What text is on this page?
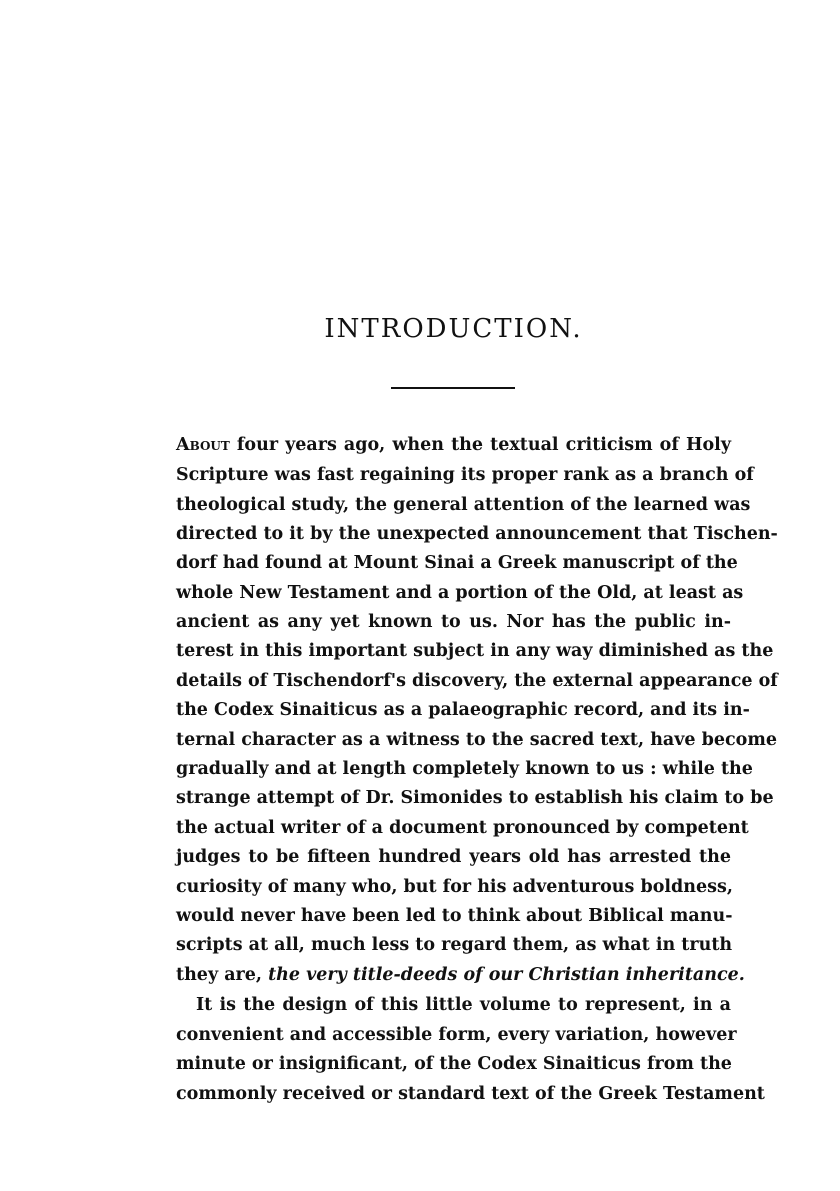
INTRODUCTION.
About four years ago, when the textual criticism of Holy
Scripture was fast regaining its proper rank as a branch of
theological study, the general attention of the learned was
directed to it by the unexpected announcement that Tischen-
dorf had found at Mount Sinai a Greek manuscript of the
whole New Testament and a portion of the Old, at least as
ancient as any yet known to us. Nor has the public in-
terest in this important subject in any way diminished as the
details of Tischendorf's discovery, the external appearance of
the Codex Sinaiticus as a palaeographic record, and its in-
ternal character as a witness to the sacred text, have become
gradually and at length completely known to us : while the
strange attempt of Dr. Simonides to establish his claim to be
the actual writer of a document pronounced by competent
judges to be fifteen hundred years old has arrested the
curiosity of many who, but for his adventurous boldness,
would never have been led to think about Biblical manu-
scripts at all, much less to regard them, as what in truth
they are, the very title-deeds of our Christian inheritance.
It is the design of this little volume to represent, in a
convenient and accessible form, every variation, however
minute or insignificant, of the Codex Sinaiticus from the
commonly received or standard text of the Greek Testament
